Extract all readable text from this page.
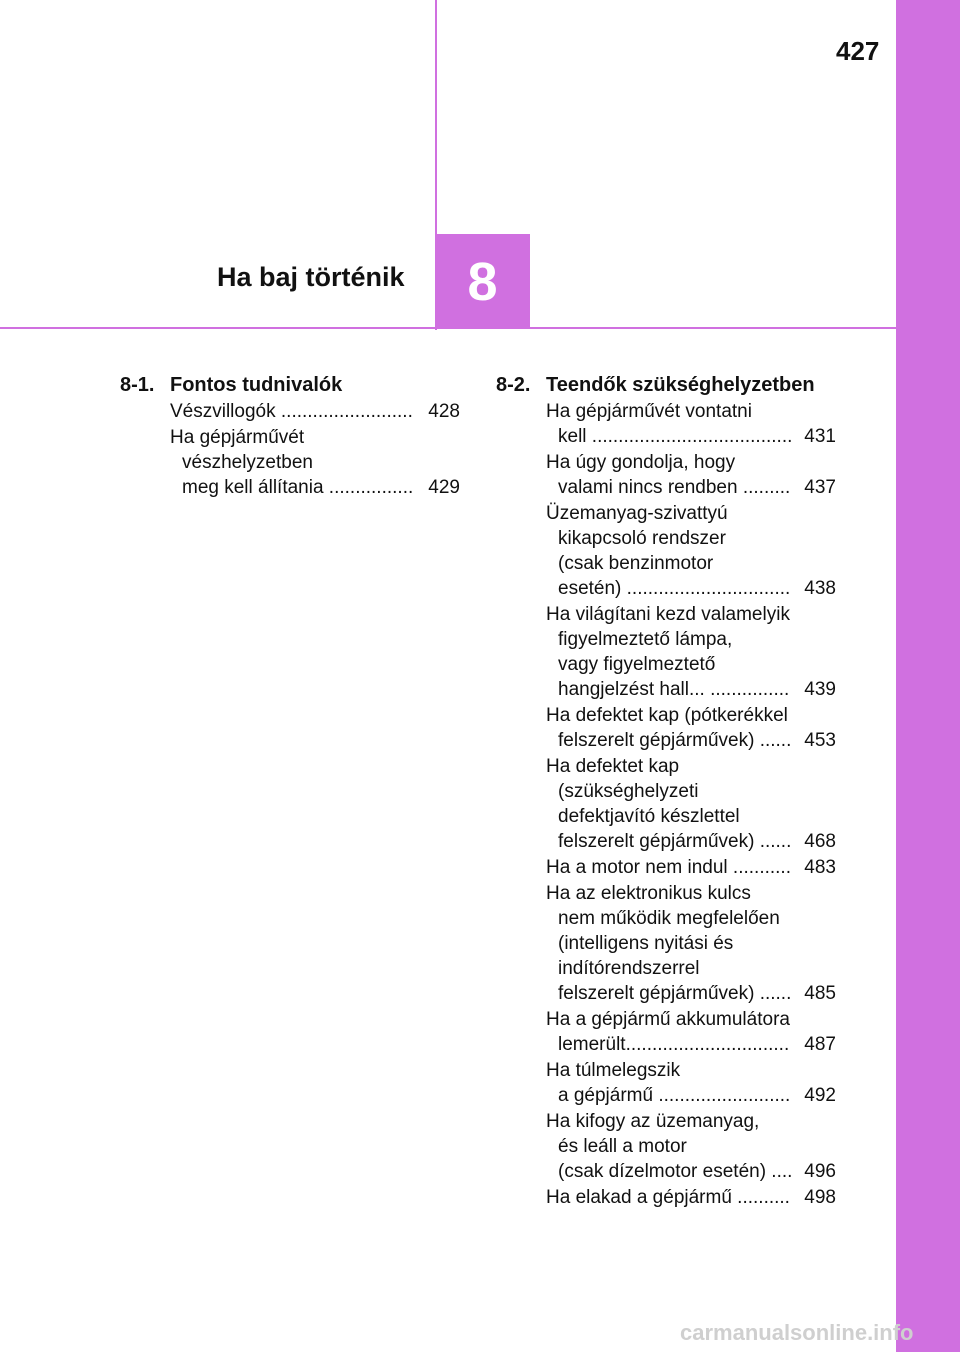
427
Ha baj történik 8
8-1. Fontos tudnivalók
Vészvillogók ......................... 428
Ha gépjárművét
vészhelyzetben
meg kell állítania ................ 429
8-2. Teendők szükséghelyzetben
Ha gépjárművét vontatni
kell ...................................... 431
Ha úgy gondolja, hogy
valami nincs rendben ......... 437
Üzemanyag-szivattyú
kikapcsoló rendszer
(csak benzinmotor
esetén) ............................... 438
Ha világítani kezd valamelyik
figyelmeztető lámpa,
vagy figyelmeztető
hangjelzést hall... ............... 439
Ha defektet kap (pótkerékkel
felszerelt gépjárművek) ...... 453
Ha defektet kap
(szükséghelyzeti
defektjavító készlettel
felszerelt gépjárművek) ...... 468
Ha a motor nem indul ........... 483
Ha az elektronikus kulcs
nem működik megfelelően
(intelligens nyitási és
indítórendszerrel
felszerelt gépjárművek) ...... 485
Ha a gépjármű akkumulátora
lemerült............................... 487
Ha túlmelegszik
a gépjármű ......................... 492
Ha kifogy az üzemanyag,
és leáll a motor
(csak dízelmotor esetén) .... 496
Ha elakad a gépjármű .......... 498
carmanualsonline.info
